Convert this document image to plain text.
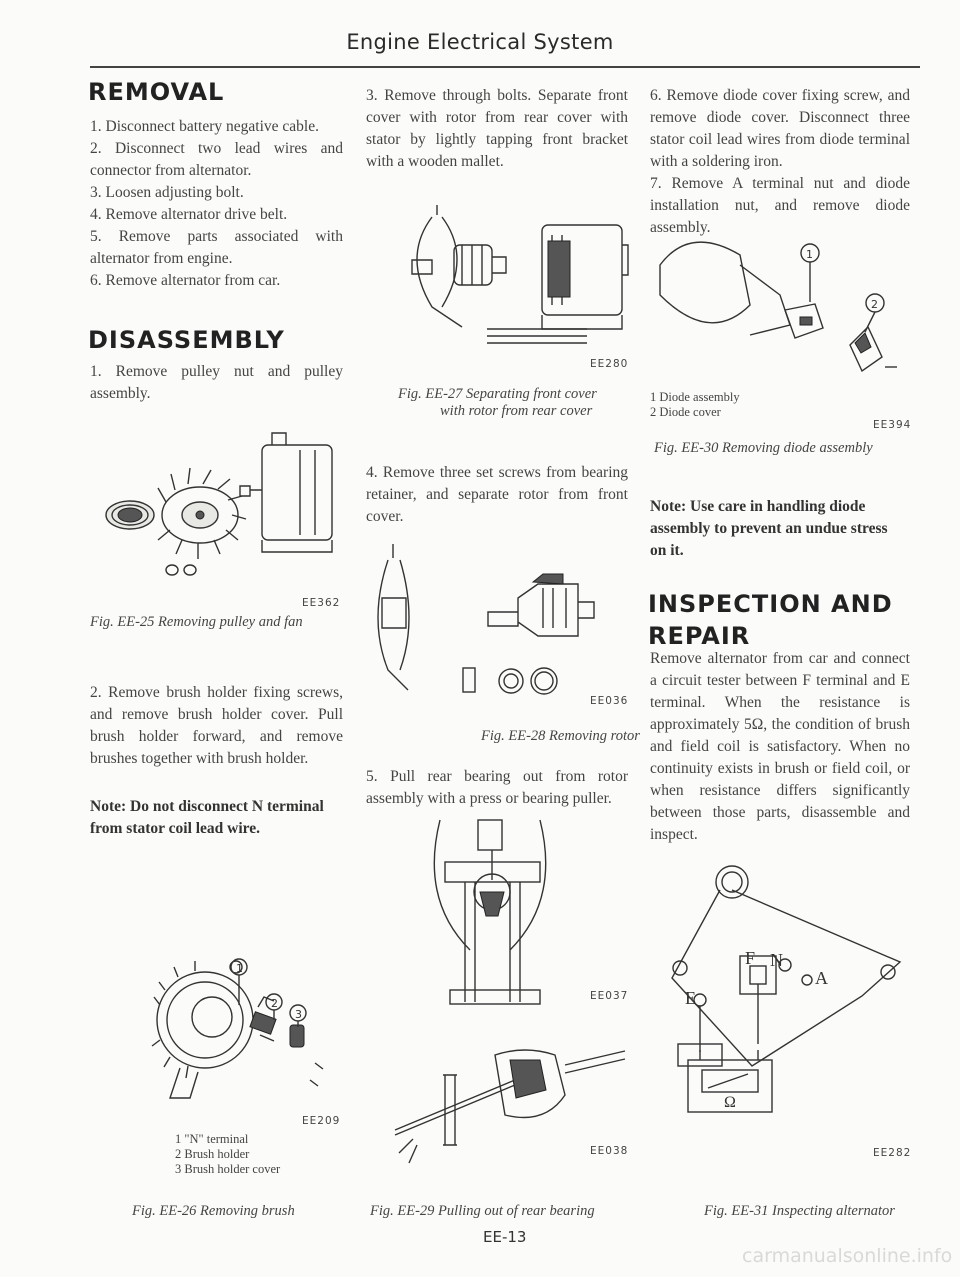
Engine Electrical System
REMOVAL
1. Disconnect battery negative cable.
2. Disconnect two lead wires and connector from alternator.
3. Loosen adjusting bolt.
4. Remove alternator drive belt.
5. Remove parts associated with alternator from engine.
6. Remove alternator from car.
DISASSEMBLY
1. Remove pulley nut and pulley assembly.
EE362
Fig. EE-25 Removing pulley and fan
2. Remove brush holder fixing screws, and remove brush holder cover. Pull brush holder forward, and remove brushes together with brush holder.
Note: Do not disconnect N terminal from stator coil lead wire.
1
2
3
EE209
1 "N" terminal
2 Brush holder
3 Brush holder cover
Fig. EE-26 Removing brush
3. Remove through bolts. Separate front cover with rotor from rear cover with stator by lightly tapping front bracket with a wooden mallet.
EE280
Fig. EE-27 Separating front cover
with rotor from rear cover
4. Remove three set screws from bearing retainer, and separate rotor from front cover.
EE036
Fig. EE-28 Removing rotor
5. Pull rear bearing out from rotor assembly with a press or bearing puller.
EE037
EE038
Fig. EE-29 Pulling out of rear bearing
EE-13
6. Remove diode cover fixing screw, and remove diode cover. Disconnect three stator coil lead wires from diode terminal with a soldering iron.
7. Remove A terminal nut and diode installation nut, and remove diode assembly.
1
2
1 Diode assembly
2 Diode cover
EE394
Fig. EE-30 Removing diode assembly
Note: Use care in handling diode assembly to prevent an undue stress on it.
INSPECTION AND
REPAIR
Remove alternator from car and connect a circuit tester between F terminal and E terminal. When the resistance is approximately 5Ω, the condition of brush and field coil is satisfactory. When no continuity exists in brush or field coil, or when resistance differs significantly between those parts, disassemble and inspect.
F N
A
E
Ω
EE282
Fig. EE-31 Inspecting alternator
carmanualsonline.info
